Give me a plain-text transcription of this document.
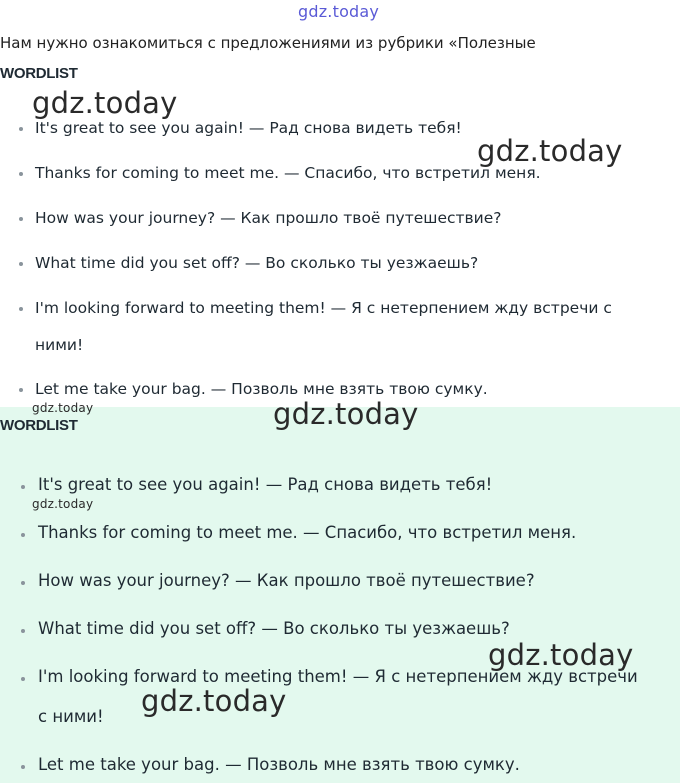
gdz.today
Нам нужно ознакомиться с предложениями из рубрики «Полезные
WORDLIST
It's great to see you again! — Рад снова видеть тебя!
Thanks for coming to meet me. — Спасибо, что встретил меня.
How was your journey? — Как прошло твоё путешествие?
What time did you set off? — Во сколько ты уезжаешь?
I'm looking forward to meeting them! — Я с нетерпением жду встречи с
ними!
Let me take your bag. — Позволь мне взять твою сумку.
WORDLIST
It's great to see you again! — Рад снова видеть тебя!
Thanks for coming to meet me. — Спасибо, что встретил меня.
How was your journey? — Как прошло твоё путешествие?
What time did you set off? — Во сколько ты уезжаешь?
I'm looking forward to meeting them! — Я с нетерпением жду встречи
с ними!
Let me take your bag. — Позволь мне взять твою сумку.
gdz.today
gdz.today
gdz.today	gdz.today
gdz.today
gdz.today
gdz.today
